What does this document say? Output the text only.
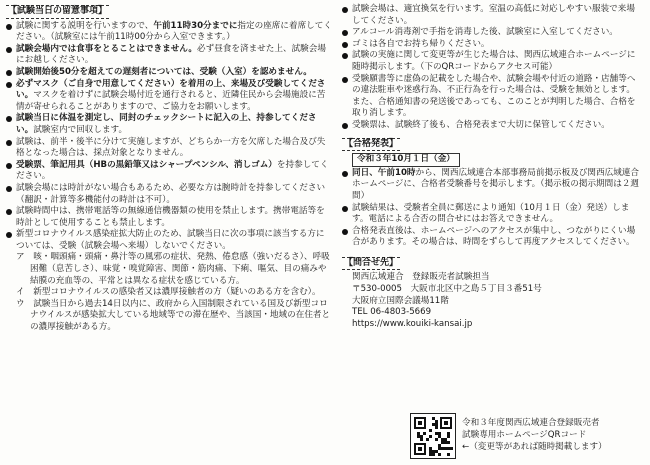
【試験当日の留意事項】

試験に関する説明を行いますので、午前11時30分までに指定の座席に着席してください。（試験室には午前11時00分から入室できます。）

試験会場内では食事をとることはできません。必ず昼食を済ませた上、試験会場にお越しください。

試験開始後50分を超えての遅刻者については、受験（入室）を認めません。

必ずマスク（ご自身で用意してください）を着用の上、来場及び受験してください。マスクを着けずに試験会場付近を通行されると、近隣住民から会場施設に苦情が寄せられることがありますので、ご協力をお願いします。

試験当日に体温を測定し、同封のチェックシートに記入の上、持参してください。試験室内で回収します。

試験は、前半・後半に分けて実施しますが、どちらか一方を欠席した場合及び失格となった場合は、採点対象となりません。

受験票、筆記用具（HBの黒鉛筆又はシャープペンシル、消しゴム）を持参してください。

試験会場には時計がない場合もあるため、必要な方は腕時計を持参してください（翻訳・計算等多機能付の時計は不可）。

試験時間中は、携帯電話等の無線通信機器類の使用を禁止します。携帯電話等を時計として使用することも禁止します。

新型コロナウイルス感染症拡大防止のため、試験当日に次の事項に該当する方については、受験（試験会場へ来場）しないでください。

ア　咳・咽頭痛・頭痛・鼻汁等の風邪の症状、発熱、倦怠感（強いだるさ）、呼吸困難（息苦しさ）、味覚・嗅覚障害、関節・筋肉痛、下痢、嘔気、目の痛みや結膜の充血等の、平常とは異なる症状を感じている方。

イ　新型コロナウイルスの感染者又は濃厚接触者の方（疑いのある方を含む）。

ウ　試験当日から過去14日以内に、政府から入国制限されている国及び新型コロナウイルスが感染拡大している地域等での滞在歴や、当該国・地域の在住者との濃厚接触がある方。

試験会場は、適宜換気を行います。室温の高低に対応しやすい服装で来場してください。

アルコール消毒剤で手指を消毒した後、試験室に入室してください。

ゴミは各自でお持ち帰りください。

試験の実施に関して変更等が生じた場合は、関西広域連合ホームページに随時掲示します。（下のQRコードからアクセス可能）

受験願書等に虚偽の記載をした場合や、試験会場や付近の道路・店舗等への違法駐車や迷惑行為、不正行為を行った場合は、受験を無効とします。また、合格通知書の発送後であっても、このことが判明した場合、合格を取り消します。

受験票は、試験終了後も、合格発表まで大切に保管してください。

【合格発表】
令和３年10月１日（金）

同日、午前10時から、関西広域連合本部事務局前掲示板及び関西広域連合ホームページに、合格者受験番号を掲示します。（掲示板の掲示期間は２週間）

試験結果は、受験者全員に郵送により通知（10月１日（金）発送）します。電話による合否の問合せにはお答えできません。

合格発表直後は、ホームページへのアクセスが集中し、つながりにくい場合があります。その場合は、時間をずらして再度アクセスしてください。

【問合せ先】

関西広域連合　登録販売者試験担当

〒530-0005　大阪市北区中之島５丁目３番51号

大阪府立国際会議場11階

TEL 06-4803-5669

https://www.kouiki-kansai.jp

令和３年度関西広域連合登録販売者
試験専用ホームページQRコード
←（変更等があれば随時掲載します）
